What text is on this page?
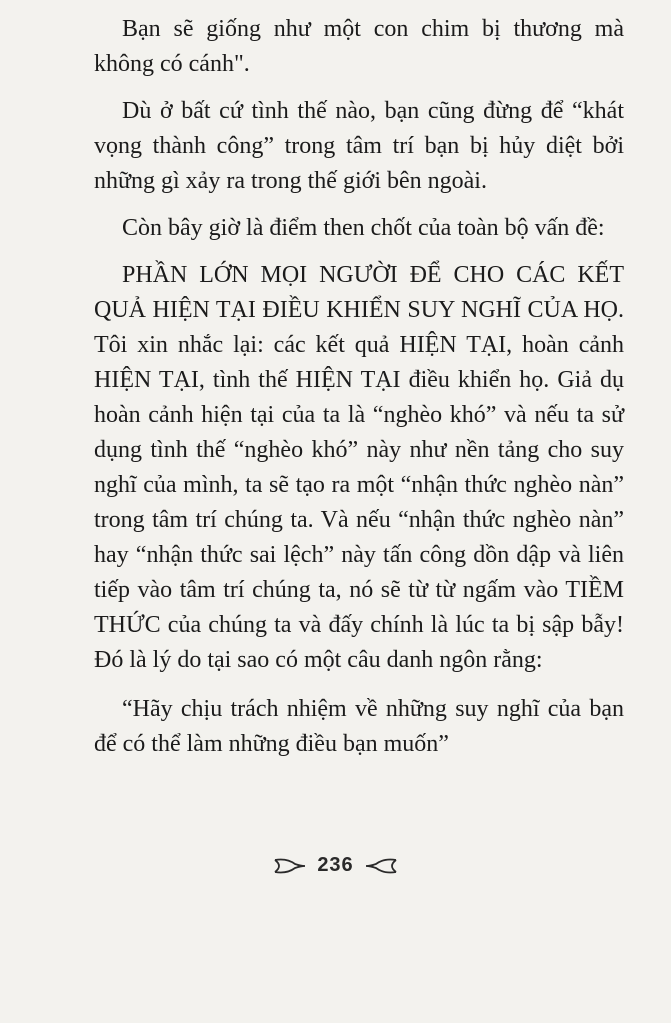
Bạn sẽ giống như một con chim bị thương mà không có cánh".

Dù ở bất cứ tình thế nào, bạn cũng đừng để “khát vọng thành công” trong tâm trí bạn bị hủy diệt bởi những gì xảy ra trong thế giới bên ngoài.

Còn bây giờ là điểm then chốt của toàn bộ vấn đề:

PHẦN LỚN MỌI NGƯỜI ĐỂ CHO CÁC KẾT QUẢ HIỆN TẠI ĐIỀU KHIỂN SUY NGHĨ CỦA HỌ. Tôi xin nhắc lại: các kết quả HIỆN TẠI, hoàn cảnh HIỆN TẠI, tình thế HIỆN TẠI điều khiển họ. Giả dụ hoàn cảnh hiện tại của ta là “nghèo khó” và nếu ta sử dụng tình thế “nghèo khó” này như nền tảng cho suy nghĩ của mình, ta sẽ tạo ra một “nhận thức nghèo nàn” trong tâm trí chúng ta. Và nếu “nhận thức nghèo nàn” hay “nhận thức sai lệch” này tấn công dồn dập và liên tiếp vào tâm trí chúng ta, nó sẽ từ từ ngấm vào TIỀM THỨC của chúng ta và đấy chính là lúc ta bị sập bẫy! Đó là lý do tại sao có một câu danh ngôn rằng:

“Hãy chịu trách nhiệm về những suy nghĩ của bạn để có thể làm những điều bạn muốn”

236
